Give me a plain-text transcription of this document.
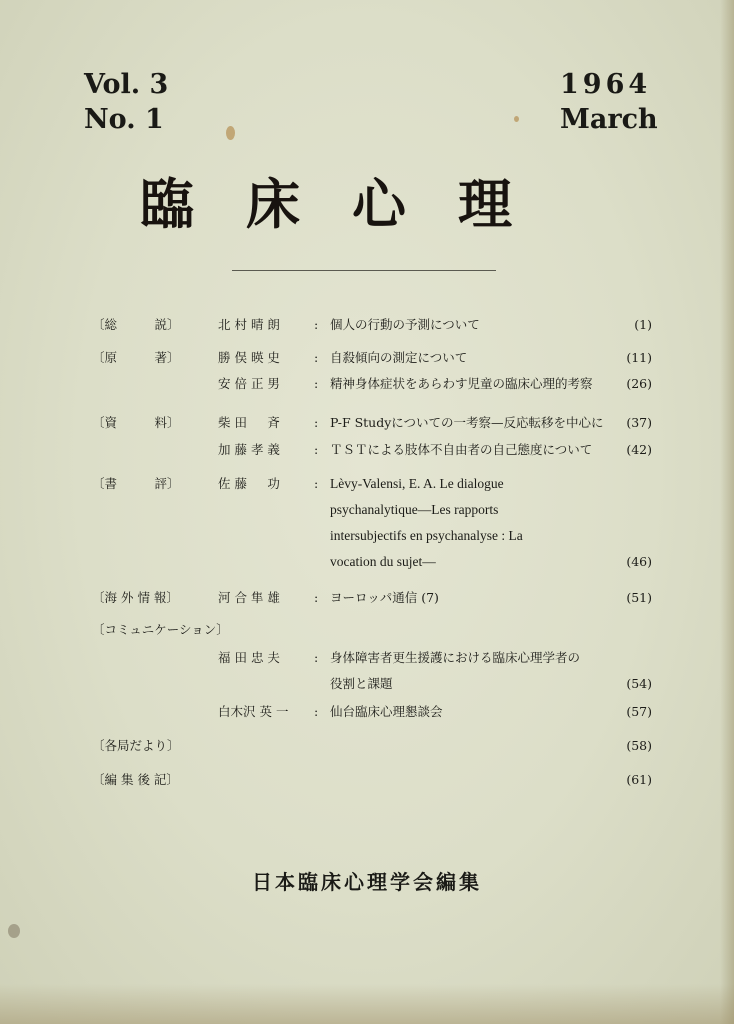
Vol. 3
No. 1
1964
March
臨床心理
〔総　　　説〕	北 村 晴 朗	: 個人の行動の予測について	(1)
〔原　　　著〕	勝 俣 暎 史	: 自殺傾向の測定について	(11)
安 倍 正 男	: 精神身体症状をあらわす児童の臨床心理的考察	(26)
〔資　　　料〕	柴 田 　 斉	: P-F Studyについての一考察—反応転移を中心に (37)
加 藤 孝 義	: ＴＳＴによる肢体不自由者の自己態度について	(42)
〔書　　　評〕	佐 藤 　 功	: Lèvy-Valensi, E. A. Le dialogue
psychanalytique—Les rapports
intersubjectifs en psychanalyse : La
vocation du sujet—	(46)
〔海 外 情 報〕	河 合 隼 雄	: ヨーロッパ通信 (7)	(51)
〔コミュニケーション〕
福 田 忠 夫	: 身体障害者更生援護における臨床心理学者の
役割と課題	(54)
白木沢 英 一 : 仙台臨床心理懇談会	(57)
〔各局だより〕	(58)
〔編 集 後 記〕	(61)
日本臨床心理学会編集
